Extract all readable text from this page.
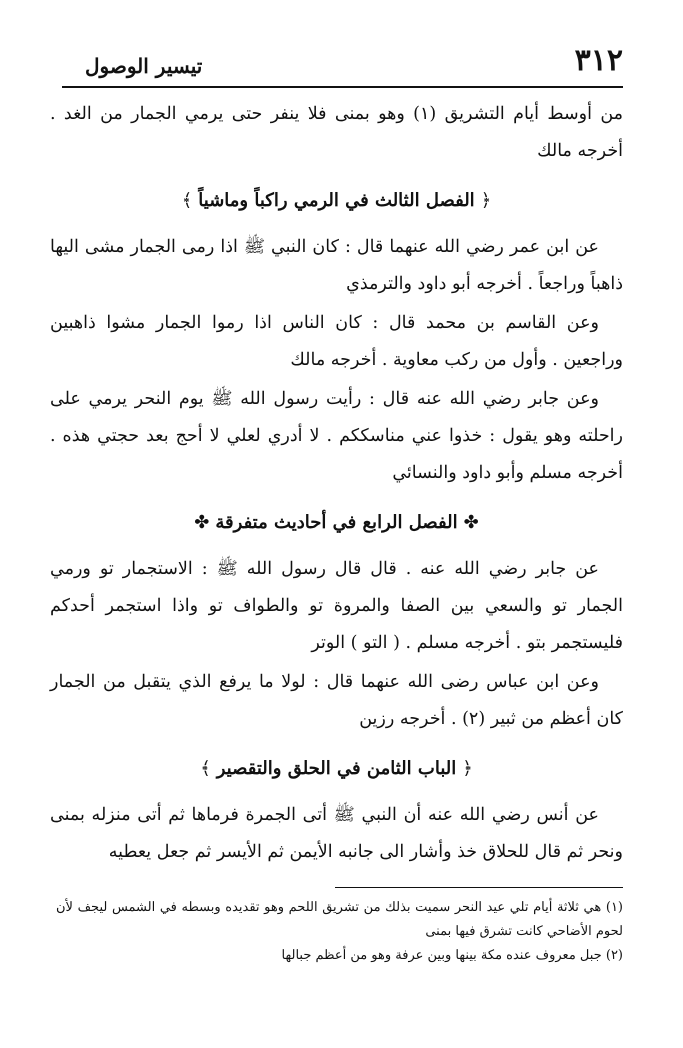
٣١٢
تيسير الوصول

من أوسط أيام التشريق (١) وهو بمنى فلا ينفر حتى يرمي الجمار من الغد . أخرجه مالك

﴿الفصل الثالث في الرمي راكباً وماشياً﴾

عن ابن عمر رضي الله عنهما قال : كان النبي ﷺ اذا رمى الجمار مشى اليها ذاهباً وراجعاً . أخرجه أبو داود والترمذي

وعن القاسم بن محمد قال : كان الناس اذا رموا الجمار مشوا ذاهبين وراجعين . وأول من ركب معاوية . أخرجه مالك

وعن جابر رضي الله عنه قال : رأيت رسول الله ﷺ يوم النحر يرمي على راحلته وهو يقول : خذوا عني مناسككم . لا أدري لعلي لا أحج بعد حجتي هذه . أخرجه مسلم وأبو داود والنسائي

✤الفصل الرابع في أحاديث متفرقة✤

عن جابر رضي الله عنه . قال قال رسول الله ﷺ : الاستجمار تو ورمي الجمار تو والسعي بين الصفا والمروة تو والطواف تو واذا استجمر أحدكم فليستجمر بتو . أخرجه مسلم . ( التو ) الوتر

وعن ابن عباس رضى الله عنهما قال : لولا ما يرفع الذي يتقبل من الجمار كان أعظم من ثبير (٢) . أخرجه رزين

﴿الباب الثامن في الحلق والتقصير﴾

عن أنس رضي الله عنه أن النبي ﷺ أتى الجمرة فرماها ثم أتى منزله بمنى ونحر ثم قال للحلاق خذ وأشار الى جانبه الأيمن ثم الأيسر ثم جعل يعطيه

(١) هي ثلاثة أيام تلي عيد النحر سميت بذلك من تشريق اللحم وهو تقديده وبسطه في الشمس ليجف لأن لحوم الأضاحي كانت تشرق فيها بمنى

(٢) جبل معروف عنده مكة بينها وبين عرفة وهو من أعظم جبالها
